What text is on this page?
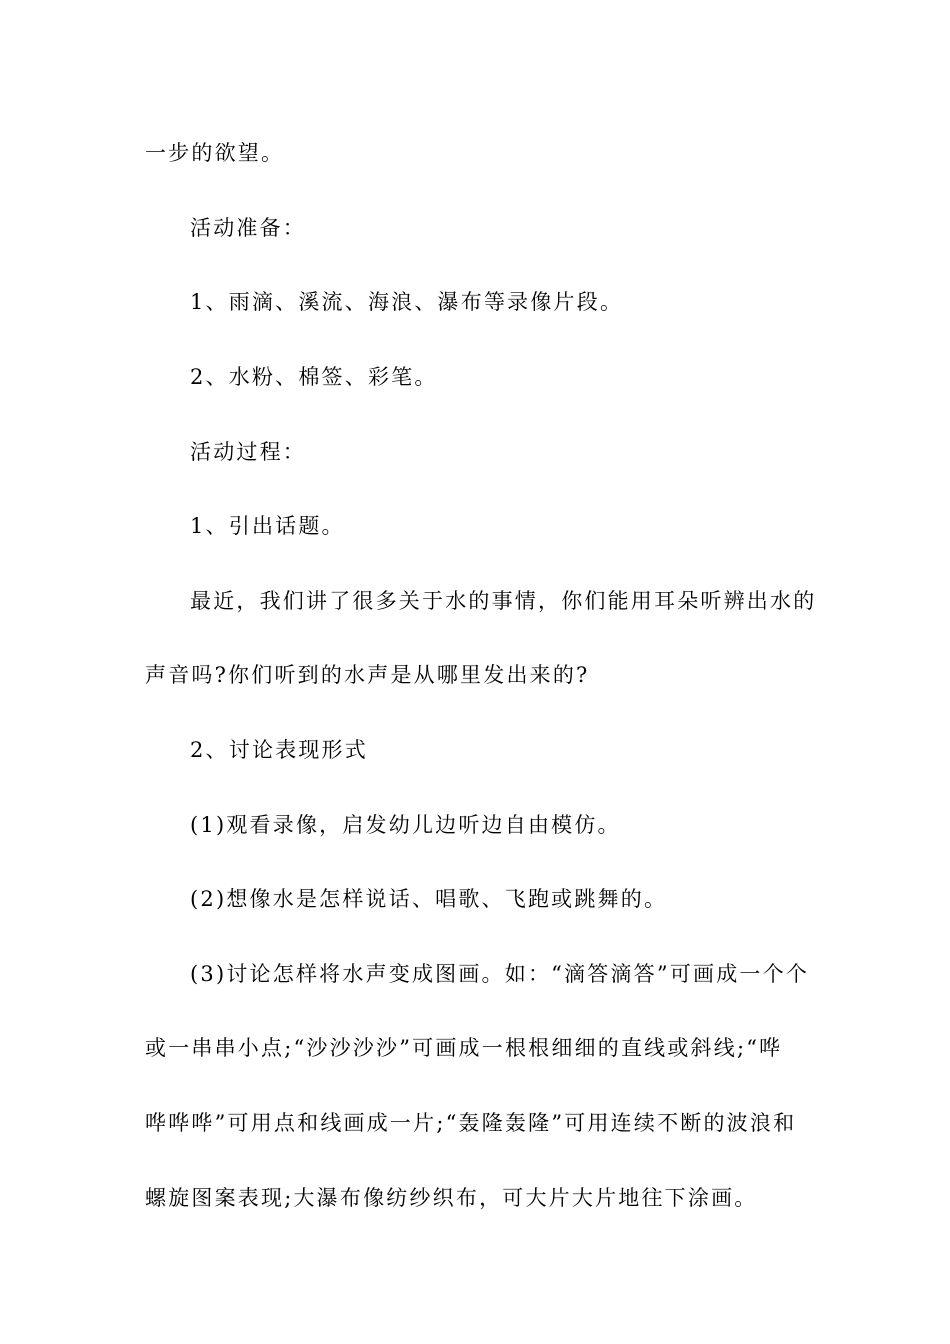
一步的欲望。
活动准备：
1、雨滴、溪流、海浪、瀑布等录像片段。
2、水粉、棉签、彩笔。
活动过程：
1、引出话题。
最近，我们讲了很多关于水的事情，你们能用耳朵听辨出水的
声音吗?你们听到的水声是从哪里发出来的?
2、讨论表现形式
(1)观看录像，启发幼儿边听边自由模仿。
(2)想像水是怎样说话、唱歌、飞跑或跳舞的。
(3)讨论怎样将水声变成图画。如：“滴答滴答”可画成一个个
或一串串小点;“沙沙沙沙”可画成一根根细细的直线或斜线;“哗
哗哗哗”可用点和线画成一片;“轰隆轰隆”可用连续不断的波浪和
螺旋图案表现;大瀑布像纺纱织布，可大片大片地往下涂画。
